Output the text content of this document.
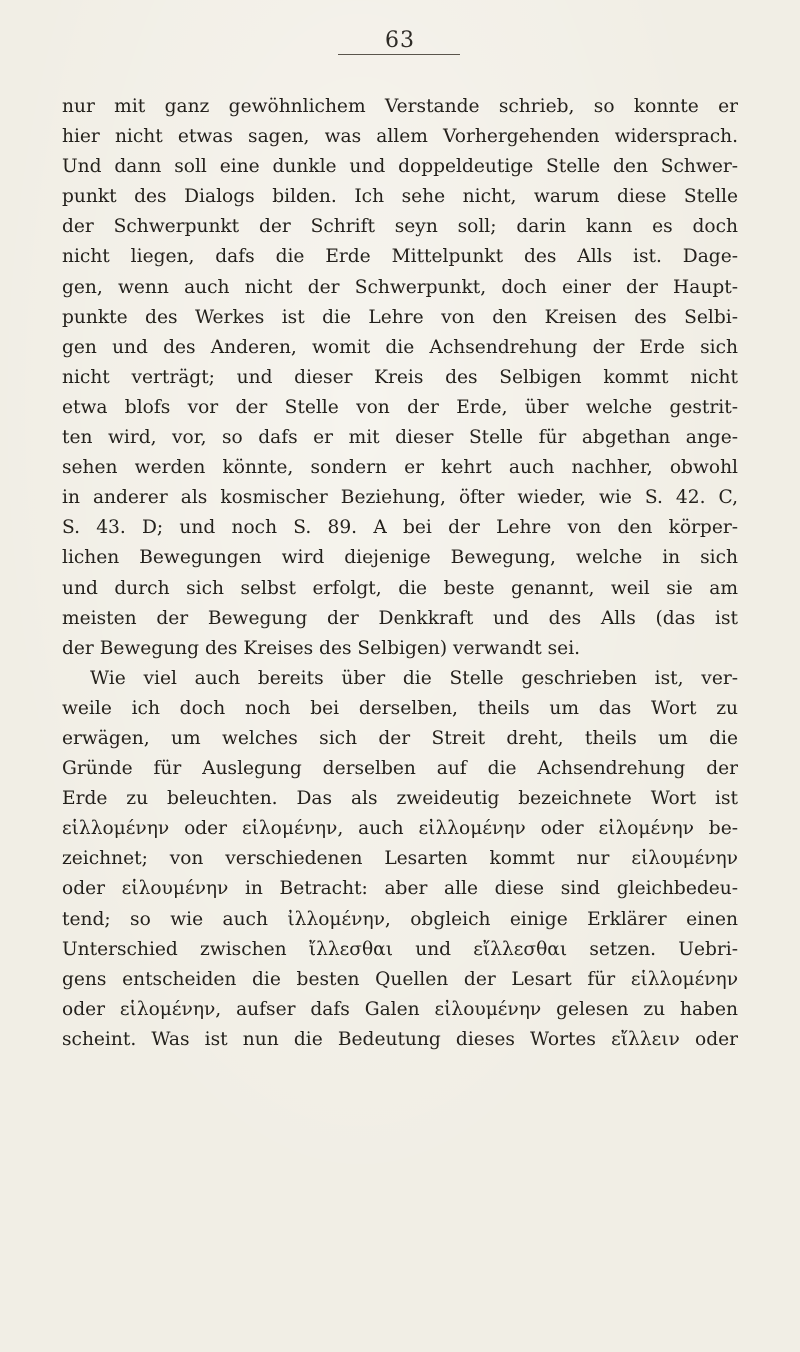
63
nur mit ganz gewöhnlichem Verstande schrieb, so konnte er
hier nicht etwas sagen, was allem Vorhergehenden widersprach.
Und dann soll eine dunkle und doppeldeutige Stelle den Schwer-
punkt des Dialogs bilden. Ich sehe nicht, warum diese Stelle
der Schwerpunkt der Schrift seyn soll; darin kann es doch
nicht liegen, dafs die Erde Mittelpunkt des Alls ist. Dage-
gen, wenn auch nicht der Schwerpunkt, doch einer der Haupt-
punkte des Werkes ist die Lehre von den Kreisen des Selbi-
gen und des Anderen, womit die Achsendrehung der Erde sich
nicht verträgt; und dieser Kreis des Selbigen kommt nicht
etwa blofs vor der Stelle von der Erde, über welche gestrit-
ten wird, vor, so dafs er mit dieser Stelle für abgethan ange-
sehen werden könnte, sondern er kehrt auch nachher, obwohl
in anderer als kosmischer Beziehung, öfter wieder, wie S. 42. C,
S. 43. D; und noch S. 89. A bei der Lehre von den körper-
lichen Bewegungen wird diejenige Bewegung, welche in sich
und durch sich selbst erfolgt, die beste genannt, weil sie am
meisten der Bewegung der Denkkraft und des Alls (das ist
der Bewegung des Kreises des Selbigen) verwandt sei.
Wie viel auch bereits über die Stelle geschrieben ist, ver-
weile ich doch noch bei derselben, theils um das Wort zu
erwägen, um welches sich der Streit dreht, theils um die
Gründe für Auslegung derselben auf die Achsendrehung der
Erde zu beleuchten. Das als zweideutig bezeichnete Wort ist
εἱλλομένην oder εἱλομένην, auch εἰλλομένην oder εἰλομένην be-
zeichnet; von verschiedenen Lesarten kommt nur εἰλουμένην
oder εἱλουμένην in Betracht: aber alle diese sind gleichbedeu-
tend; so wie auch ἰλλομένην, obgleich einige Erklärer einen
Unterschied zwischen ἴλλεσθαι und εἴλλεσθαι setzen. Uebri-
gens entscheiden die besten Quellen der Lesart für εἱλλομένην
oder εἱλομένην, aufser dafs Galen εἰλουμένην gelesen zu haben
scheint. Was ist nun die Bedeutung dieses Wortes εἴλλειν oder
